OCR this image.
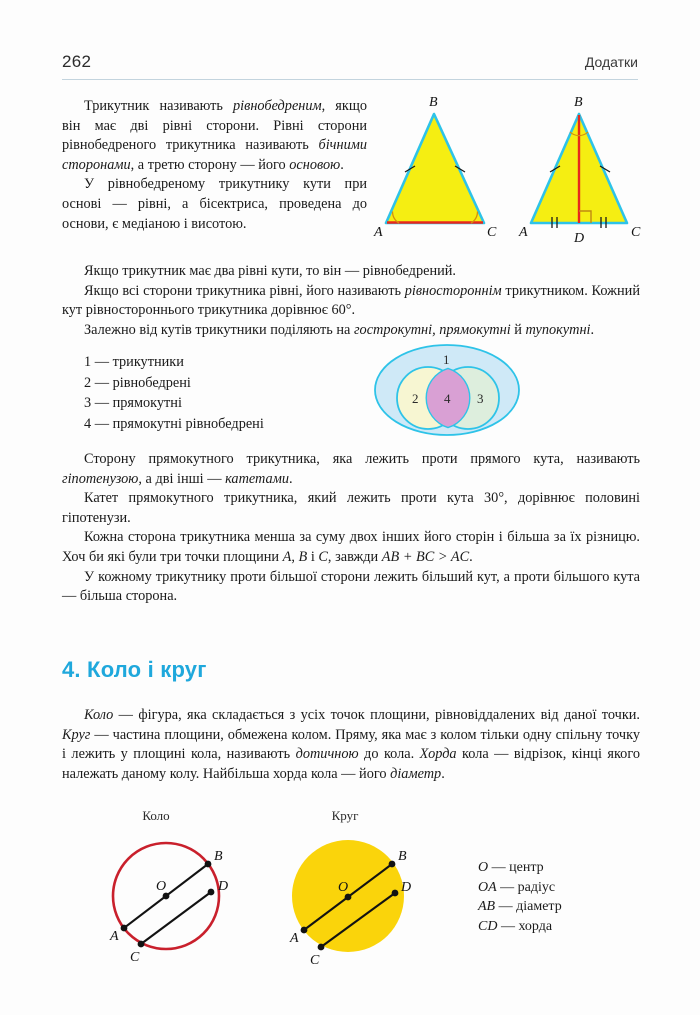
262	Додатки

Трикутник називають рівнобедреним, якщо він має дві рівні сторони. Рівні сторони рівнобедреного трикутника називають бічними сторонами, а третю сторону — його основою.

У рівнобедреному трикутнику кути при основі — рівні, а бісектриса, проведена до основи, є медіаною і висотою.

B
A	C
B
A	C
D

Якщо трикутник має два рівні кути, то він — рівнобедрений.

Якщо всі сторони трикутника рівні, його називають рівностороннім трикутником. Кожний кут рівностороннього трикутника дорівнює 60°.

Залежно від кутів трикутники поділяють на гострокутні, прямокутні й тупокутні.

1 — трикутники

2 — рівнобедрені

3 — прямокутні

4 — прямокутні рівнобедрені

1
2 4 3

Сторону прямокутного трикутника, яка лежить проти прямого кута, називають гіпотенузою, а дві інші — катетами.

Катет прямокутного трикутника, який лежить проти кута 30°, дорівнює половині гіпотенузи.

Кожна сторона трикутника менша за суму двох інших його сторін і більша за їх різницю. Хоч би які були три точки площини A, B і C, завжди AB + BC > AC.

У кожному трикутнику проти більшої сторони лежить більший кут, а проти більшого кута — більша сторона.

4. Коло і круг

Коло — фігура, яка складається з усіх точок площини, рівновіддалених від даної точки. Круг — частина площини, обмежена колом. Пряму, яка має з колом тільки одну спільну точку і лежить у площині кола, називають дотичною до кола. Хорда кола — відрізок, кінці якого належать даному колу. Найбільша хорда кола — його діаметр.

Коло
O
A
B
C
D
Круг
O
A
B
C
D
O — центр
OA — радіус
AB — діаметр
CD — хорда
